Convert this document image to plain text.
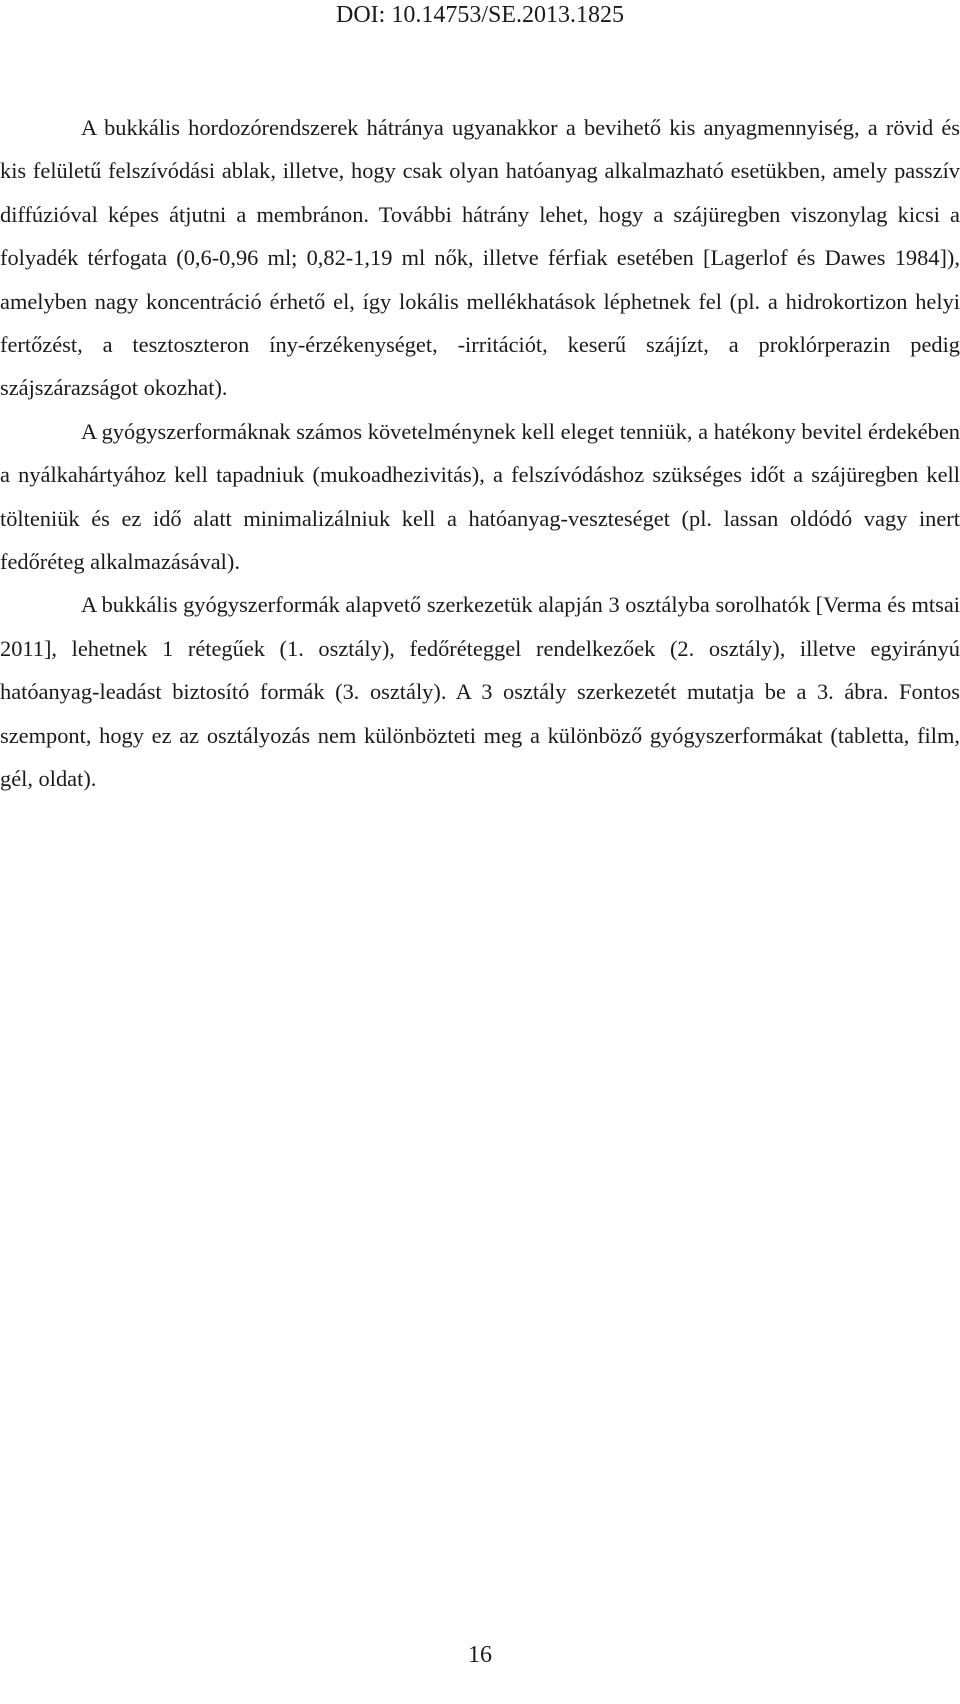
DOI: 10.14753/SE.2013.1825

A bukkális hordozórendszerek hátránya ugyanakkor a bevihető kis anyagmennyiség, a rövid és kis felületű felszívódási ablak, illetve, hogy csak olyan hatóanyag alkalmazható esetükben, amely passzív diffúzióval képes átjutni a membránon. További hátrány lehet, hogy a szájüregben viszonylag kicsi a folyadék térfogata (0,6-0,96 ml; 0,82-1,19 ml nők, illetve férfiak esetében [Lagerlof és Dawes 1984]), amelyben nagy koncentráció érhető el, így lokális mellékhatások léphetnek fel (pl. a hidrokortizon helyi fertőzést, a tesztoszteron íny-érzékenységet, -irritációt, keserű szájízt, a proklórperazin pedig szájszárazságot okozhat).

A gyógyszerformáknak számos követelménynek kell eleget tenniük, a hatékony bevitel érdekében a nyálkahártyához kell tapadniuk (mukoadhezivitás), a felszívódáshoz szükséges időt a szájüregben kell tölteniük és ez idő alatt minimalizálniuk kell a hatóanyag-veszteséget (pl. lassan oldódó vagy inert fedőréteg alkalmazásával).

A bukkális gyógyszerformák alapvető szerkezetük alapján 3 osztályba sorolhatók [Verma és mtsai 2011], lehetnek 1 rétegűek (1. osztály), fedőréteggel rendelkezőek (2. osztály), illetve egyirányú hatóanyag-leadást biztosító formák (3. osztály). A 3 osztály szerkezetét mutatja be a 3. ábra. Fontos szempont, hogy ez az osztályozás nem különbözteti meg a különböző gyógyszerformákat (tabletta, film, gél, oldat).

16
